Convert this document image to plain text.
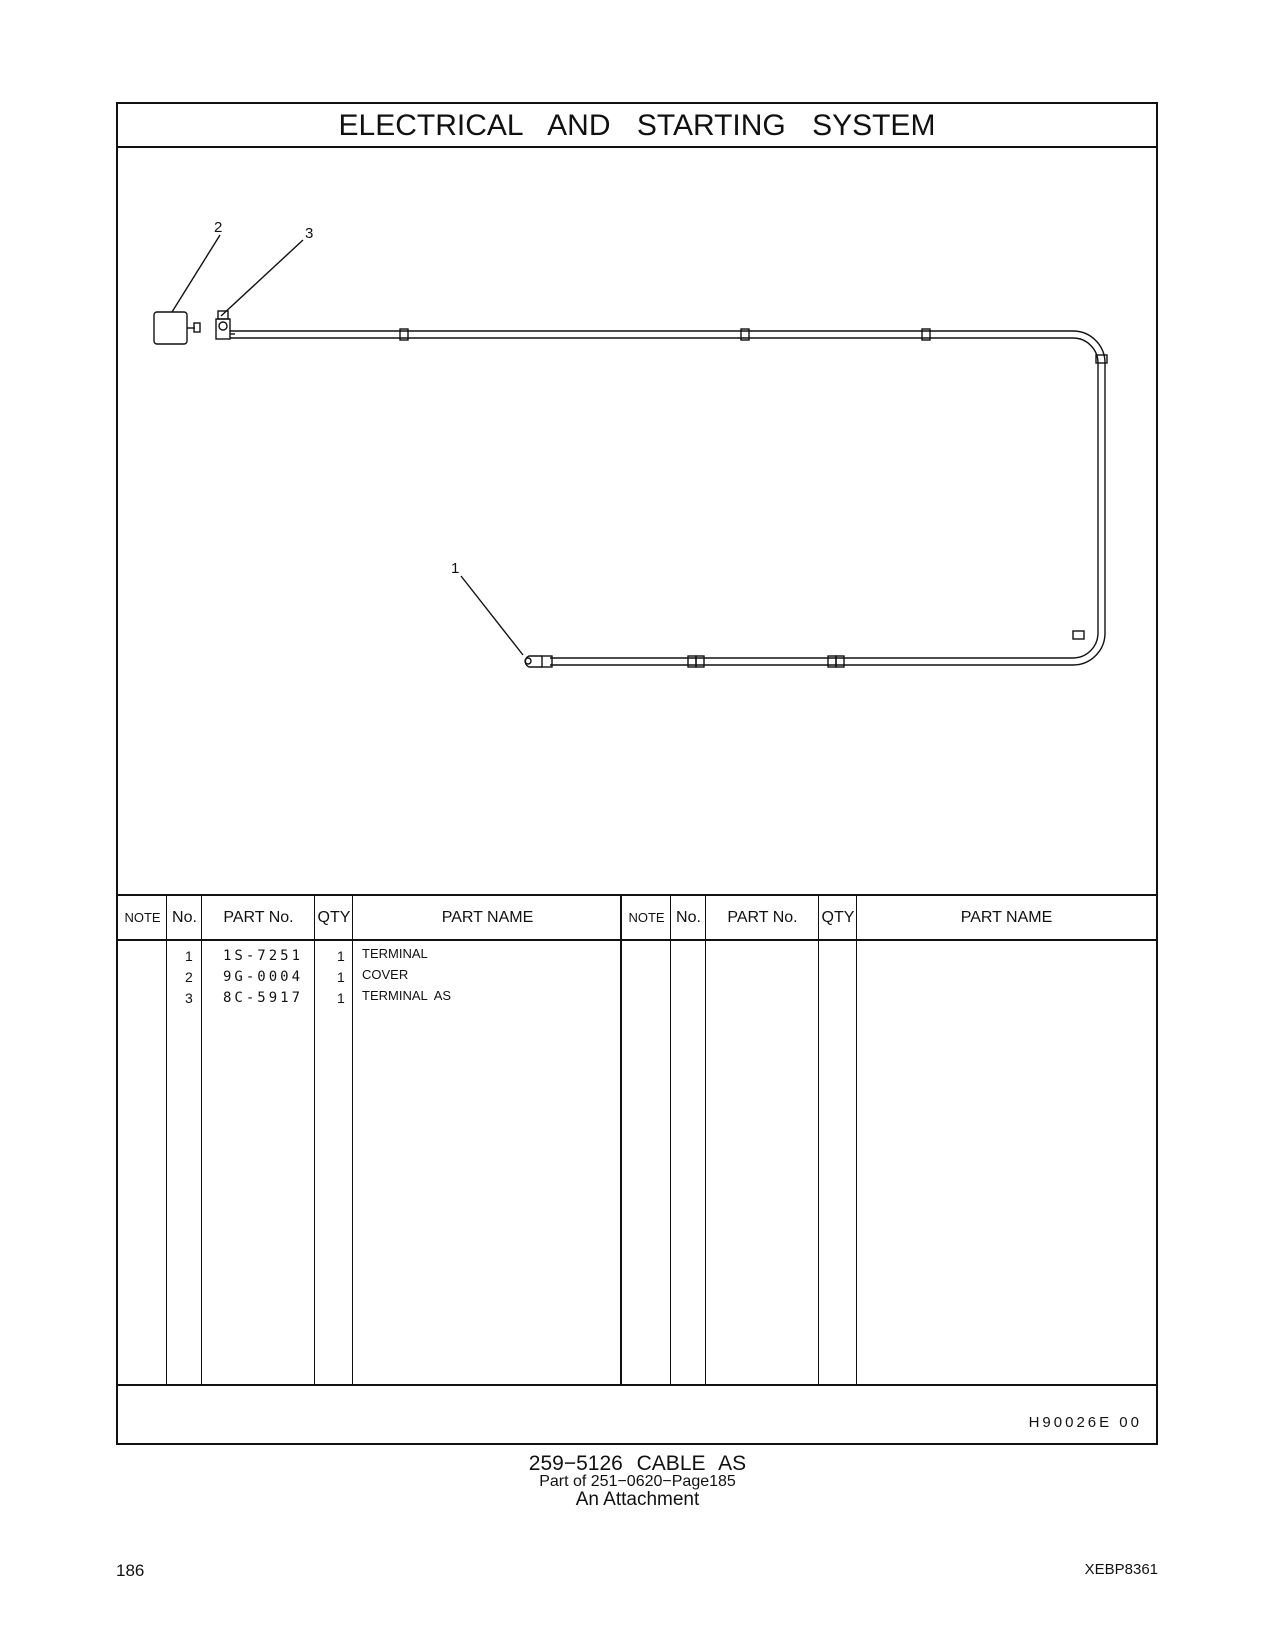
ELECTRICAL AND STARTING SYSTEM
2	3
1
NOTE No.	PART No.	QTY	PART NAME	NOTE No.	PART No.	QTY	PART NAME
1 1S-7251 1 TERMINAL
2 9G-0004 1 COVER
3 8C-5917 1 TERMINAL  AS
H90026E 00
259−5126 CABLE AS
Part of 251−0620−Page185
An Attachment
186	XEBP8361
